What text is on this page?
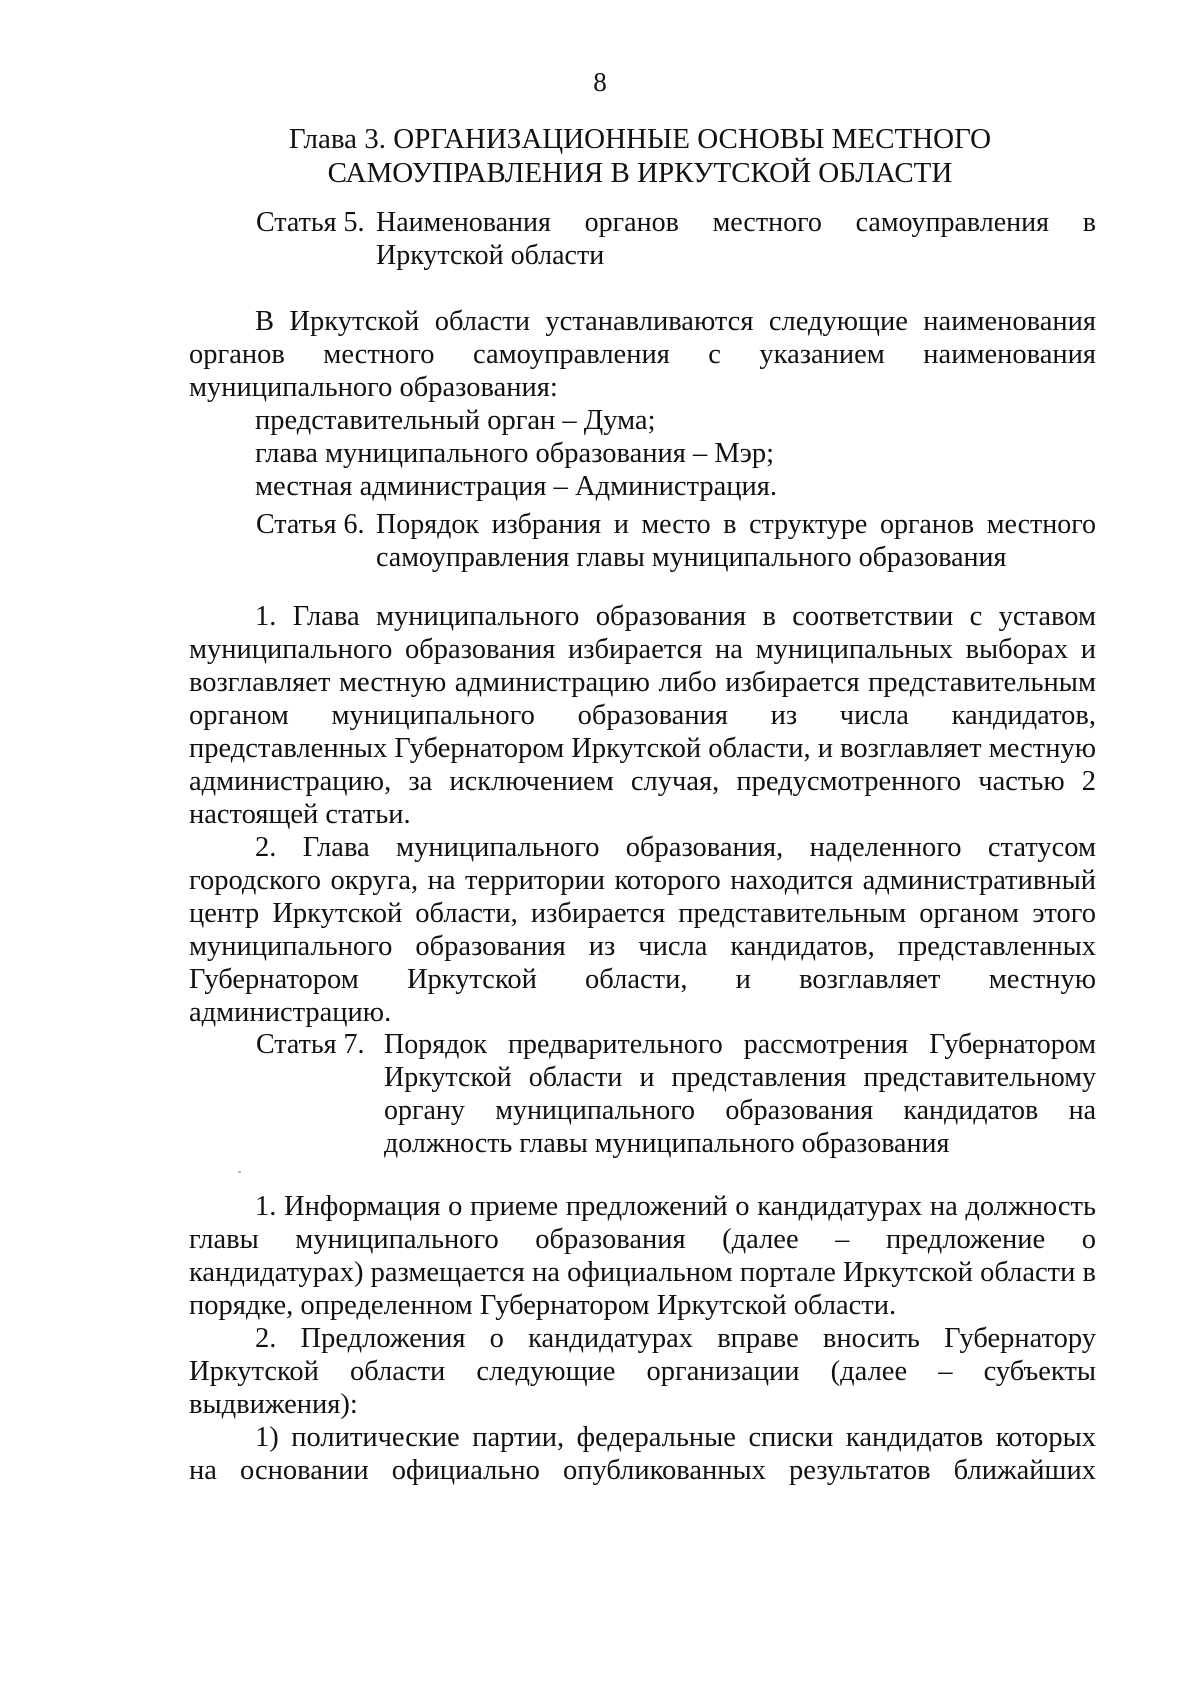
8
Глава 3. ОРГАНИЗАЦИОННЫЕ ОСНОВЫ МЕСТНОГО
САМОУПРАВЛЕНИЯ В ИРКУТСКОЙ ОБЛАСТИ
Статья 5. Наименования органов местного самоуправления в
Иркутской области

В Иркутской области устанавливаются следующие наименования органов местного самоуправления с указанием наименования муниципального образования:

представительный орган – Дума;

глава муниципального образования – Мэр;

местная администрация – Администрация.

Статья 6. Порядок избрания и место в структуре органов местного
самоуправления главы муниципального образования

1. Глава муниципального образования в соответствии с уставом муниципального образования избирается на муниципальных выборах и возглавляет местную администрацию либо избирается представительным органом муниципального образования из числа кандидатов, представленных Губернатором Иркутской области, и возглавляет местную администрацию, за исключением случая, предусмотренного частью 2 настоящей статьи.

2. Глава муниципального образования, наделенного статусом городского округа, на территории которого находится административный центр Иркутской области, избирается представительным органом этого муниципального образования из числа кандидатов, представленных Губернатором Иркутской области, и возглавляет местную администрацию.

Статья 7. Порядок предварительного рассмотрения Губернатором
Иркутской области и представления представительному
органу муниципального образования кандидатов на
должность главы муниципального образования

1. Информация о приеме предложений о кандидатурах на должность главы муниципального образования (далее – предложение о кандидатурах) размещается на официальном портале Иркутской области в порядке, определенном Губернатором Иркутской области.

2. Предложения о кандидатурах вправе вносить Губернатору Иркутской области следующие организации (далее – субъекты выдвижения):

1) политические партии, федеральные списки кандидатов которых на основании официально опубликованных результатов ближайших
